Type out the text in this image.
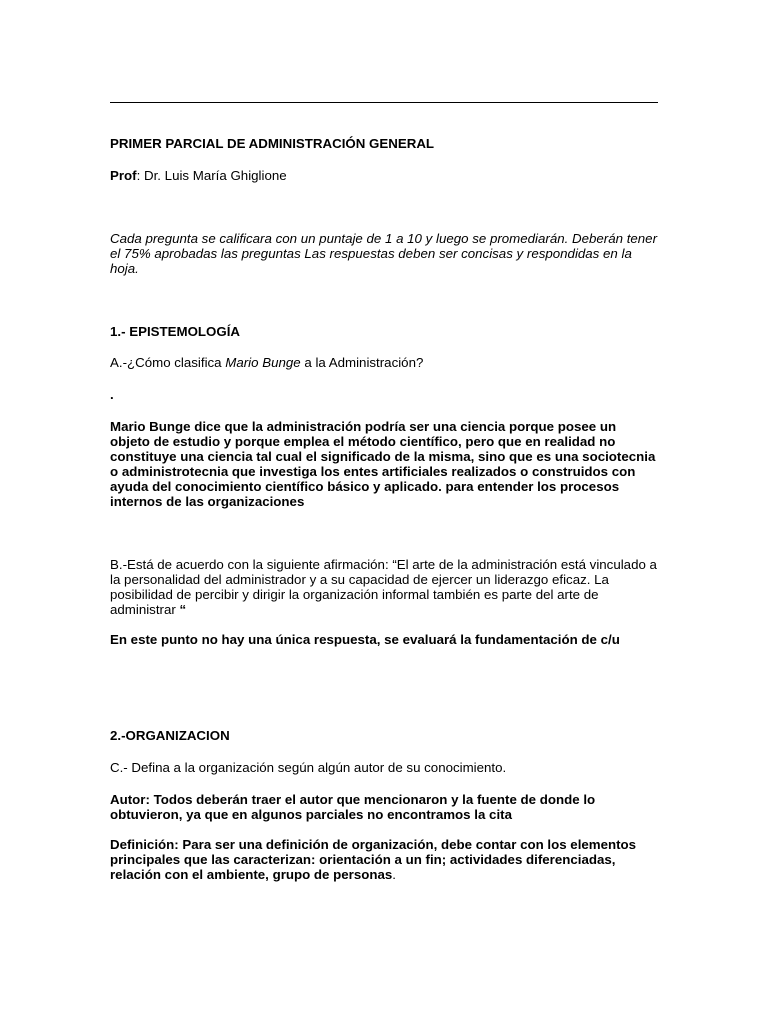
PRIMER PARCIAL DE ADMINISTRACIÓN GENERAL

Prof: Dr. Luis María Ghiglione

Cada pregunta se calificara con un puntaje de 1 a 10 y luego se promediarán. Deberán tener el 75% aprobadas las preguntas Las respuestas deben ser concisas y respondidas en la hoja.

1.- EPISTEMOLOGÍA

A.-¿Cómo clasifica Mario Bunge a la Administración?

.

Mario Bunge dice que la administración podría ser una ciencia porque posee un objeto de estudio y porque emplea el método científico, pero que en realidad no constituye una ciencia tal cual el significado de la misma, sino que es una sociotecnia o administrotecnia que investiga los entes artificiales realizados o construidos con ayuda del conocimiento científico básico y aplicado. para entender los procesos internos de las organizaciones

B.-Está de acuerdo con la siguiente afirmación: “El arte de la administración está vinculado a la personalidad del administrador y a su capacidad de ejercer un liderazgo eficaz. La posibilidad de percibir y dirigir la organización informal también es parte del arte de administrar “

En este punto no hay una única respuesta, se evaluará la fundamentación de c/u

2.-ORGANIZACION

C.- Defina a la organización según algún autor de su conocimiento.

Autor: Todos deberán traer el autor que mencionaron y la fuente de donde lo obtuvieron, ya que en algunos parciales no encontramos la cita

Definición: Para ser una definición de organización, debe contar con los elementos principales que las caracterizan: orientación a un fin; actividades diferenciadas, relación con el ambiente, grupo de personas.
